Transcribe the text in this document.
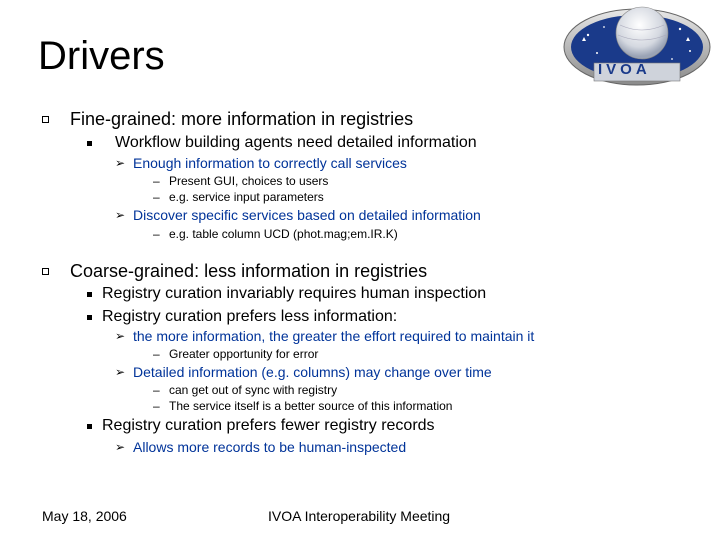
Drivers	IVOA
Fine-grained: more information in registries
Workflow building agents need detailed information
➢ Enough information to correctly call services
– Present GUI, choices to users
– e.g. service input parameters
➢ Discover specific services based on detailed information
– e.g. table column UCD (phot.mag;em.IR.K)
Coarse-grained: less information in registries
Registry curation invariably requires human inspection
Registry curation prefers less information:
➢ the more information, the greater the effort required to maintain it
– Greater opportunity for error
➢ Detailed information (e.g. columns) may change over time
– can get out of sync with registry
– The service itself is a better source of this information
Registry curation prefers fewer registry records
➢ Allows more records to be human-inspected
May 18, 2006	IVOA Interoperability Meeting
